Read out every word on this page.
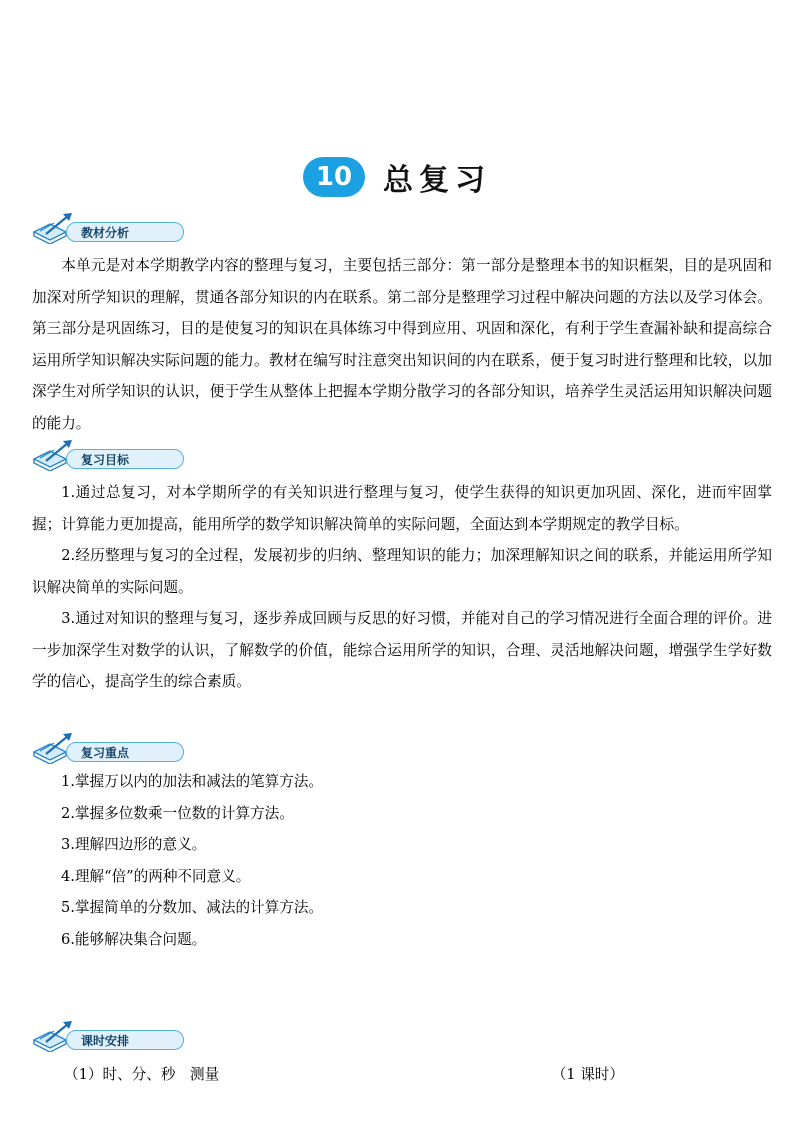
10	总复习
教材分析

本单元是对本学期教学内容的整理与复习，主要包括三部分：第一部分是整理本书的知识框架，目的是巩固和加深对所学知识的理解，贯通各部分知识的内在联系。第二部分是整理学习过程中解决问题的方法以及学习体会。第三部分是巩固练习，目的是使复习的知识在具体练习中得到应用、巩固和深化，有利于学生查漏补缺和提高综合运用所学知识解决实际问题的能力。教材在编写时注意突出知识间的内在联系，便于复习时进行整理和比较，以加深学生对所学知识的认识，便于学生从整体上把握本学期分散学习的各部分知识，培养学生灵活运用知识解决问题的能力。

复习目标

1.通过总复习，对本学期所学的有关知识进行整理与复习，使学生获得的知识更加巩固、深化，进而牢固掌握；计算能力更加提高，能用所学的数学知识解决简单的实际问题，全面达到本学期规定的教学目标。

2.经历整理与复习的全过程，发展初步的归纳、整理知识的能力；加深理解知识之间的联系，并能运用所学知识解决简单的实际问题。

3.通过对知识的整理与复习，逐步养成回顾与反思的好习惯，并能对自己的学习情况进行全面合理的评价。进一步加深学生对数学的认识，了解数学的价值，能综合运用所学的知识，合理、灵活地解决问题，增强学生学好数学的信心，提高学生的综合素质。

复习重点

1.掌握万以内的加法和减法的笔算方法。

2.掌握多位数乘一位数的计算方法。

3.理解四边形的意义。

4.理解“倍”的两种不同意义。

5.掌握简单的分数加、减法的计算方法。

6.能够解决集合问题。

课时安排
（1）时、分、秒　测量	（1 课时）
